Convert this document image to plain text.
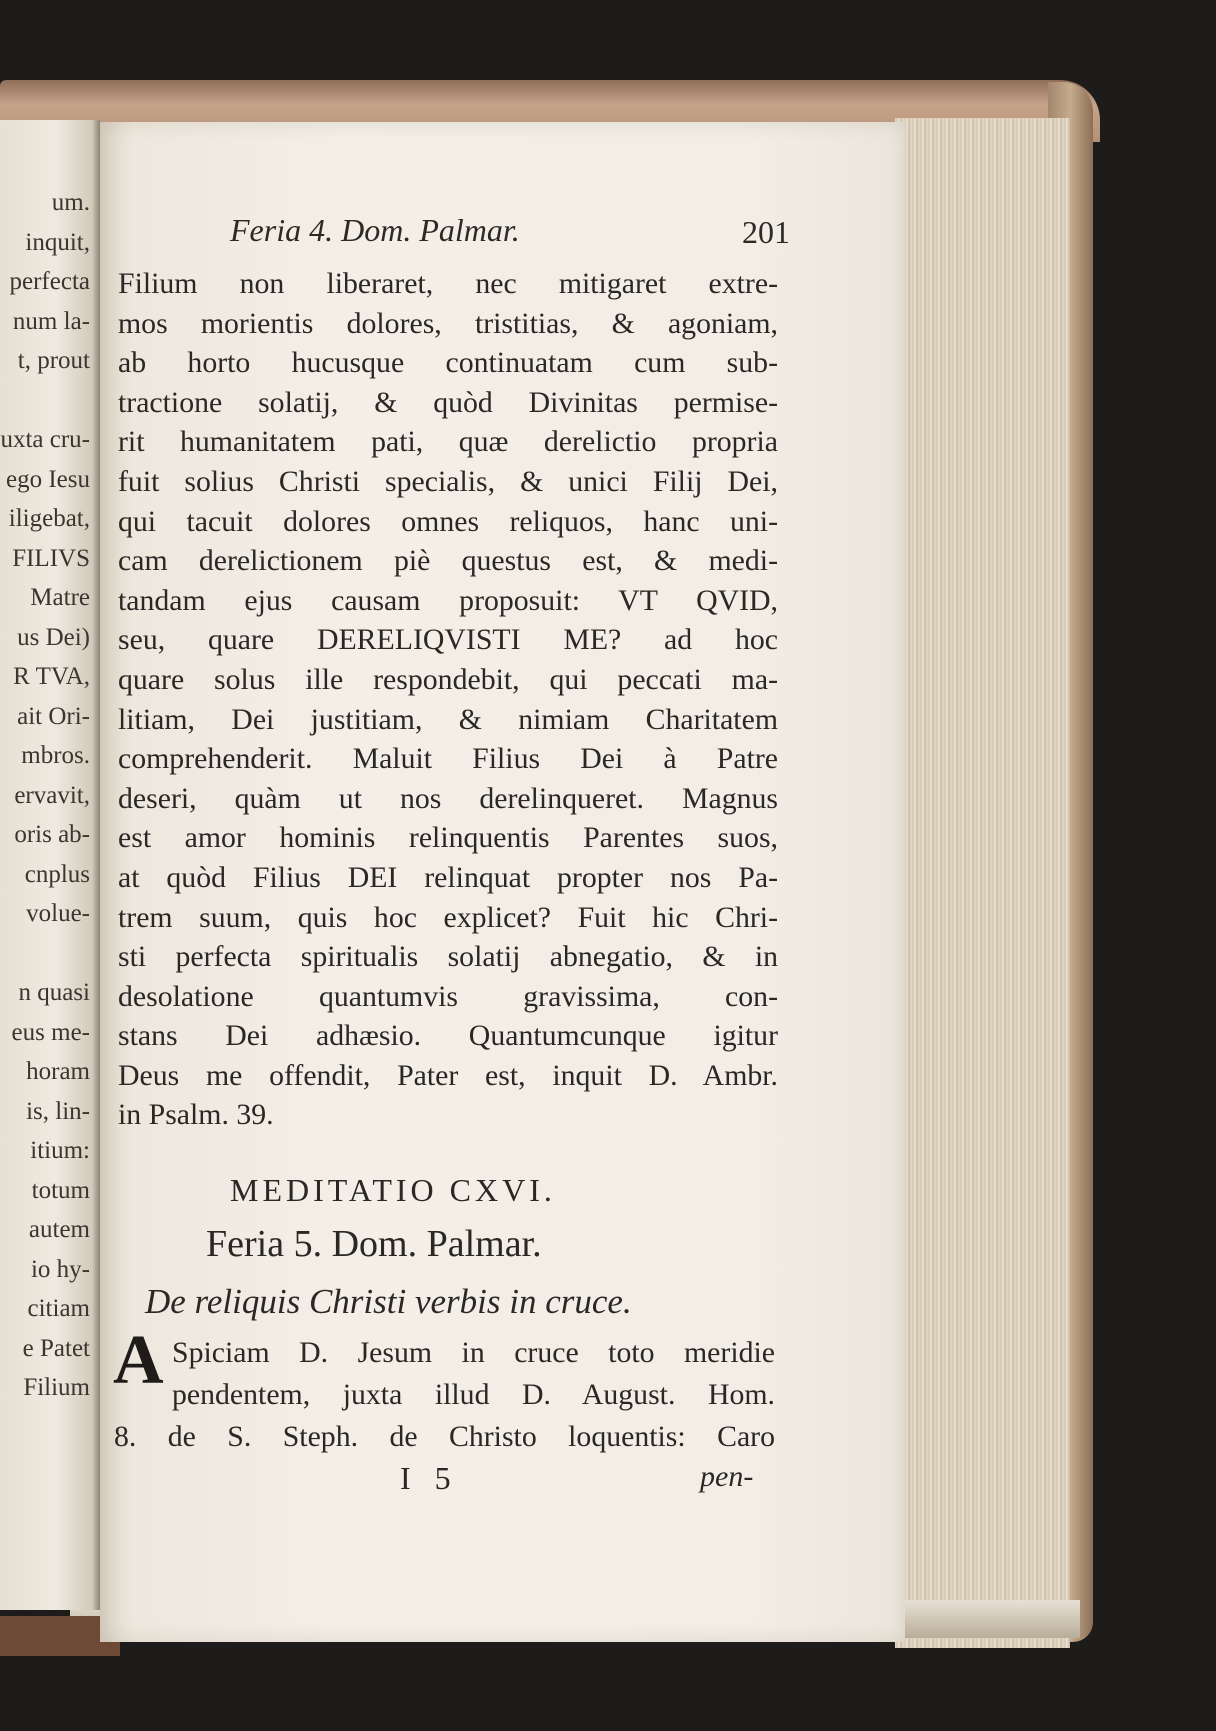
um.
inquit,
perfecta
num la-
t, prout
uxta cru-
ego Iesu
iligebat,
FILIVS
Matre
us Dei)
R TVA,
ait Ori-
mbros.
ervavit,
oris ab-
cnplus
volue-
n quasi
eus me-
horam
is, lin-
itium:
totum
autem
io hy-
citiam
e Patet
Filium
Feria 4. Dom. Palmar.	201
Filium non liberaret, nec mitigaret extre-
mos morientis dolores, tristitias, & agoniam,
ab horto hucusque continuatam cum sub-
tractione solatij, & quòd Divinitas permise-
rit humanitatem pati, quæ derelictio propria
fuit solius Christi specialis, & unici Filij Dei,
qui tacuit dolores omnes reliquos, hanc uni-
cam derelictionem piè questus est, & medi-
tandam ejus causam proposuit: VT QVID,
seu, quare DERELIQVISTI ME? ad hoc
quare solus ille respondebit, qui peccati ma-
litiam, Dei justitiam, & nimiam Charitatem
comprehenderit. Maluit Filius Dei à Patre
deseri, quàm ut nos derelinqueret. Magnus
est amor hominis relinquentis Parentes suos,
at quòd Filius DEI relinquat propter nos Pa-
trem suum, quis hoc explicet? Fuit hic Chri-
sti perfecta spiritualis solatij abnegatio, & in
desolatione quantumvis gravissima, con-
stans Dei adhæsio. Quantumcunque igitur
Deus me offendit, Pater est, inquit D. Ambr.
in Psalm. 39.
MEDITATIO CXVI.
Feria 5. Dom. Palmar.
De reliquis Christi verbis in cruce.
A Spiciam D. Jesum in cruce toto meridie
pendentem, juxta illud D. August. Hom.
8. de S. Steph. de Christo loquentis: Caro
I 5	pen-
